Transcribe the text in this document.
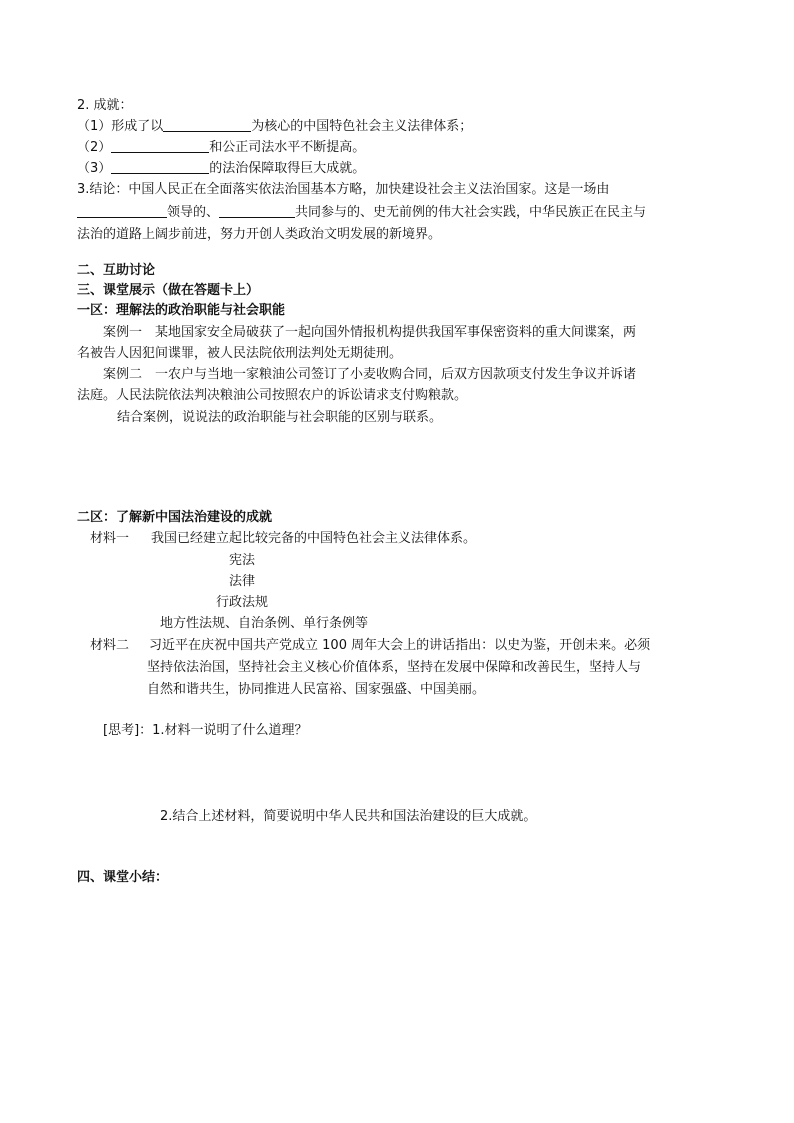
2. 成就：
（1）形成了以	为核心的中国特色社会主义法律体系；
（2）	和公正司法水平不断提高。
（3）	的法治保障取得巨大成就。
3.结论：中国人民正在全面落实依法治国基本方略，加快建设社会主义法治国家。这是一场由
领导的、	共同参与的、史无前例的伟大社会实践，中华民族正在民主与
法治的道路上阔步前进，努力开创人类政治文明发展的新境界。
二、互助讨论
三、课堂展示（做在答题卡上）
一区：理解法的政治职能与社会职能
案例一　某地国家安全局破获了一起向国外情报机构提供我国军事保密资料的重大间谍案，两
名被告人因犯间谍罪，被人民法院依刑法判处无期徒刑。
案例二　一农户与当地一家粮油公司签订了小麦收购合同，后双方因款项支付发生争议并诉诸
法庭。人民法院依法判决粮油公司按照农户的诉讼请求支付购粮款。
结合案例，说说法的政治职能与社会职能的区别与联系。
二区：了解新中国法治建设的成就
材料一 我国已经建立起比较完备的中国特色社会主义法律体系。
宪法
法律
行政法规
地方性法规、自治条例、单行条例等
材料二 习近平在庆祝中国共产党成立 100 周年大会上的讲话指出：以史为鉴，开创未来。必须
坚持依法治国，坚持社会主义核心价值体系，坚持在发展中保障和改善民生，坚持人与
自然和谐共生，协同推进人民富裕、国家强盛、中国美丽。
[思考]：1.材料一说明了什么道理？
2.结合上述材料，简要说明中华人民共和国法治建设的巨大成就。
四、课堂小结：
